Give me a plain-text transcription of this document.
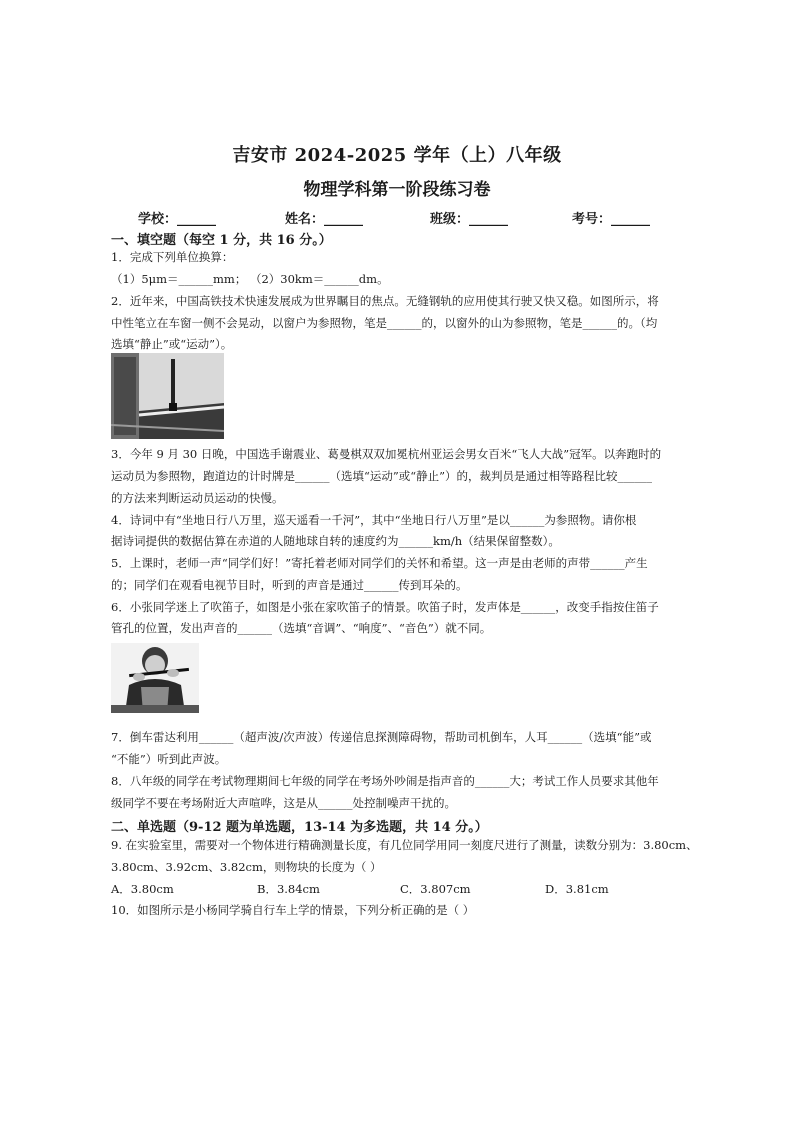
吉安市 2024-2025 学年（上）八年级
物理学科第一阶段练习卷
学校：______	姓名：______	班级：______	考号：______
一、填空题（每空 1 分，共 16 分。）
1．完成下列单位换算：
（1）5μm＝______mm； （2）30km＝______dm。
2．近年来，中国高铁技术快速发展成为世界瞩目的焦点。无缝钢轨的应用使其行驶又快又稳。如图所示，将
中性笔立在车窗一侧不会晃动，以窗户为参照物，笔是______的，以窗外的山为参照物，笔是______的。（均
选填“静止”或“运动”）。
3．今年 9 月 30 日晚，中国选手谢震业、葛曼棋双双加冕杭州亚运会男女百米“飞人大战”冠军。以奔跑时的
运动员为参照物，跑道边的计时牌是______（选填“运动”或“静止”）的，裁判员是通过相等路程比较______
的方法来判断运动员运动的快慢。
4．诗词中有“坐地日行八万里，巡天遥看一千河”，其中“坐地日行八万里”是以______为参照物。请你根
据诗词提供的数据估算在赤道的人随地球自转的速度约为______km/h（结果保留整数）。
5．上课时，老师一声“同学们好！”寄托着老师对同学们的关怀和希望。这一声是由老师的声带______产生
的；同学们在观看电视节目时，听到的声音是通过______传到耳朵的。
6．小张同学迷上了吹笛子，如图是小张在家吹笛子的情景。吹笛子时，发声体是______，改变手指按住笛子
管孔的位置，发出声音的______（选填“音调”、“响度”、“音色”）就不同。
7．倒车雷达利用______（超声波/次声波）传递信息探测障碍物，帮助司机倒车，人耳______（选填“能”或
“不能”）听到此声波。
8．八年级的同学在考试物理期间七年级的同学在考场外吵闹是指声音的______大；考试工作人员要求其他年
级同学不要在考场附近大声喧哗，这是从______处控制噪声干扰的。
二、单选题（9-12 题为单选题，13-14 为多选题，共 14 分。）
9. 在实验室里，需要对一个物体进行精确测量长度，有几位同学用同一刻度尺进行了测量，读数分别为：3.80cm、
3.80cm、3.92cm、3.82cm，则物块的长度为（ ）
A．3.80cm	B．3.84cm	C．3.807cm	D．3.81cm
10．如图所示是小杨同学骑自行车上学的情景，下列分析正确的是（ ）
